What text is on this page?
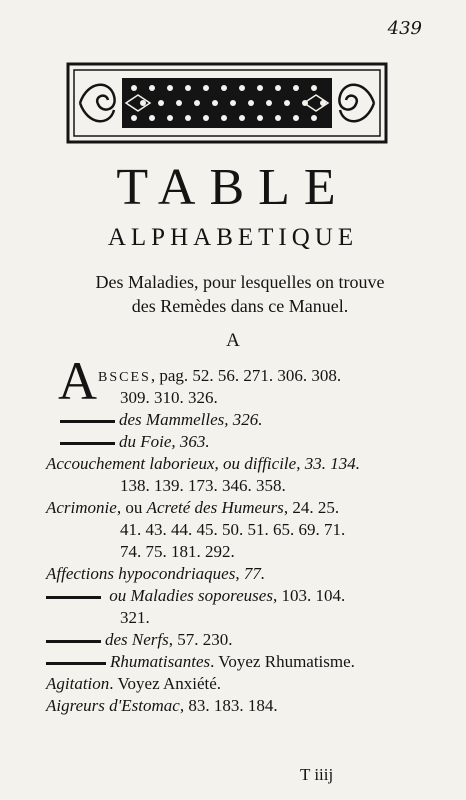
439
TABLE
ALPHABETIQUE
Des Maladies, pour lesquelles on trouve
des Remèdes dans ce Manuel.
A
A BSCES, pag. 52. 56. 271. 306. 308.
309. 310. 326.
des Mammelles, 326.
du Foie, 363.
Accouchement laborieux, ou difficile, 33. 134.
138. 139. 173. 346. 358.
Acrimonie, ou Acreté des Humeurs, 24. 25.
41. 43. 44. 45. 50. 51. 65. 69. 71.
74. 75. 181. 292.
Affections hypocondriaques, 77.
ou Maladies soporeuses, 103. 104.
321.
des Nerfs, 57. 230.
Rhumatisantes. Voyez Rhumatisme.
Agitation. Voyez Anxiété.
Aigreurs d'Estomac, 83. 183. 184.
T iiij
